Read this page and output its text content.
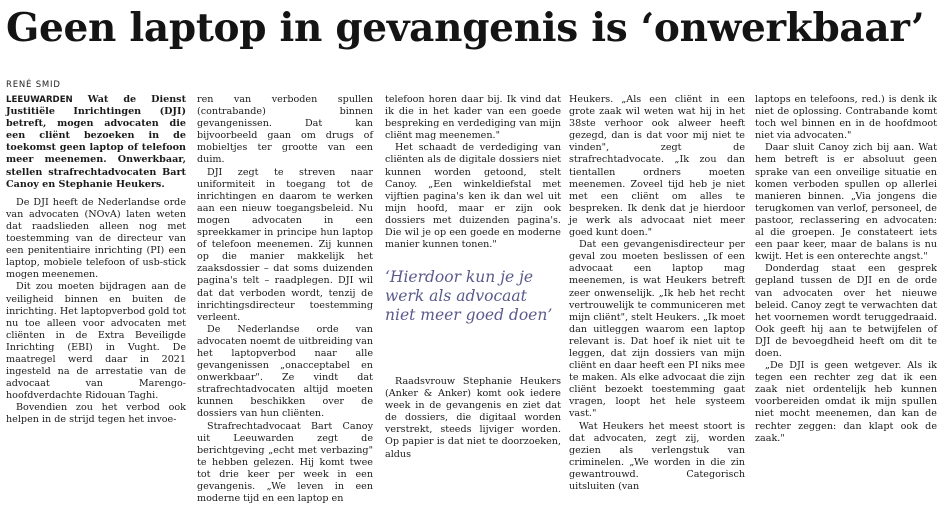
Geen laptop in gevangenis is ‘onwerkbaar’
RENÉ SMID

LEEUWARDEN Wat de Dienst Justitiële Inrichtingen (DJI) betreft, mogen advocaten die een cliënt bezoeken in de toekomst geen laptop of telefoon meer meenemen. Onwerkbaar, stellen strafrechtadvocaten Bart Canoy en Stephanie Heukers.

De DJI heeft de Nederlandse orde van advocaten (NOvA) laten weten dat raadslieden alleen nog met toestemming van de directeur van een penitentiaire inrichting (PI) een laptop, mobiele telefoon of usb-stick mogen meenemen.

Dit zou moeten bijdragen aan de veiligheid binnen en buiten de inrichting. Het laptopverbod gold tot nu toe alleen voor advocaten met cliënten in de Extra Beveiligde Inrichting (EBI) in Vught. De maatregel werd daar in 2021 ingesteld na de arrestatie van de advocaat van Marengo-hoofdverdachte Ridouan Taghi.

Bovendien zou het verbod ook helpen in de strijd tegen het invoe-

ren van verboden spullen (contrabande) binnen gevangenissen. Dat kan bijvoorbeeld gaan om drugs of mobieltjes ter grootte van een duim.

DJI zegt te streven naar uniformiteit in toegang tot de inrichtingen en daarom te werken aan een nieuw toegangsbeleid. Nu mogen advocaten in een spreekkamer in principe hun laptop of telefoon meenemen. Zij kunnen op die manier makkelijk het zaaksdossier – dat soms duizenden pagina's telt – raadplegen. DJI wil dat dat verboden wordt, tenzij de inrichtingsdirecteur toestemming verleent.

De Nederlandse orde van advocaten noemt de uitbreiding van het laptopverbod naar alle gevangenissen „onacceptabel en onwerkbaar". Ze vindt dat strafrechtadvocaten altijd moeten kunnen beschikken over de dossiers van hun cliënten.

Strafrechtadvocaat Bart Canoy uit Leeuwarden zegt de berichtgeving „echt met verbazing" te hebben gelezen. Hij komt twee tot drie keer per week in een gevangenis. „We leven in een moderne tijd en een laptop en

telefoon horen daar bij. Ik vind dat ik die in het kader van een goede bespreking en verdediging van mijn cliënt mag meenemen."

Het schaadt de verdediging van cliënten als de digitale dossiers niet kunnen worden getoond, stelt Canoy. „Een winkeldiefstal met vijftien pagina's ken ik dan wel uit mijn hoofd, maar er zijn ook dossiers met duizenden pagina's. Die wil je op een goede en moderne manier kunnen tonen."

‘Hierdoor kun je je werk als advocaat niet meer goed doen’

Raadsvrouw Stephanie Heukers (Anker & Anker) komt ook iedere week in de gevangenis en ziet dat de dossiers, die digitaal worden verstrekt, steeds lijviger worden. Op papier is dat niet te doorzoeken, aldus

Heukers. „Als een cliënt in een grote zaak wil weten wat hij in het 38ste verhoor ook alweer heeft gezegd, dan is dat voor mij niet te vinden", zegt de strafrechtadvocate. „Ik zou dan tientallen ordners moeten meenemen. Zoveel tijd heb je niet met een cliënt om alles te bespreken. Ik denk dat je hierdoor je werk als advocaat niet meer goed kunt doen."

Dat een gevangenisdirecteur per geval zou moeten beslissen of een advocaat een laptop mag meenemen, is wat Heukers betreft zeer onwenselijk. „Ik heb het recht vertrouwelijk te communiceren met mijn cliënt", stelt Heukers. „Ik moet dan uitleggen waarom een laptop relevant is. Dat hoef ik niet uit te leggen, dat zijn dossiers van mijn cliënt en daar heeft een PI niks mee te maken. Als elke advocaat die zijn cliënt bezoekt toestemming gaat vragen, loopt het hele systeem vast."

Wat Heukers het meest stoort is dat advocaten, zegt zij, worden gezien als verlengstuk van criminelen. „We worden in die zin gewantrouwd. Categorisch uitsluiten (van

laptops en telefoons, red.) is denk ik niet de oplossing. Contrabande komt toch wel binnen en in de hoofdmoot niet via advocaten."

Daar sluit Canoy zich bij aan. Wat hem betreft is er absoluut geen sprake van een onveilige situatie en komen verboden spullen op allerlei manieren binnen. „Via jongens die terugkomen van verlof, personeel, de pastoor, reclassering en advocaten: al die groepen. Je constateert iets een paar keer, maar de balans is nu kwijt. Het is een onterechte angst."

Donderdag staat een gesprek gepland tussen de DJI en de orde van advocaten over het nieuwe beleid. Canoy zegt te verwachten dat het voornemen wordt teruggedraaid. Ook geeft hij aan te betwijfelen of DJI de bevoegdheid heeft om dit te doen.

„De DJI is geen wetgever. Als ik tegen een rechter zeg dat ik een zaak niet ordentelijk heb kunnen voorbereiden omdat ik mijn spullen niet mocht meenemen, dan kan de rechter zeggen: dan klapt ook de zaak."
